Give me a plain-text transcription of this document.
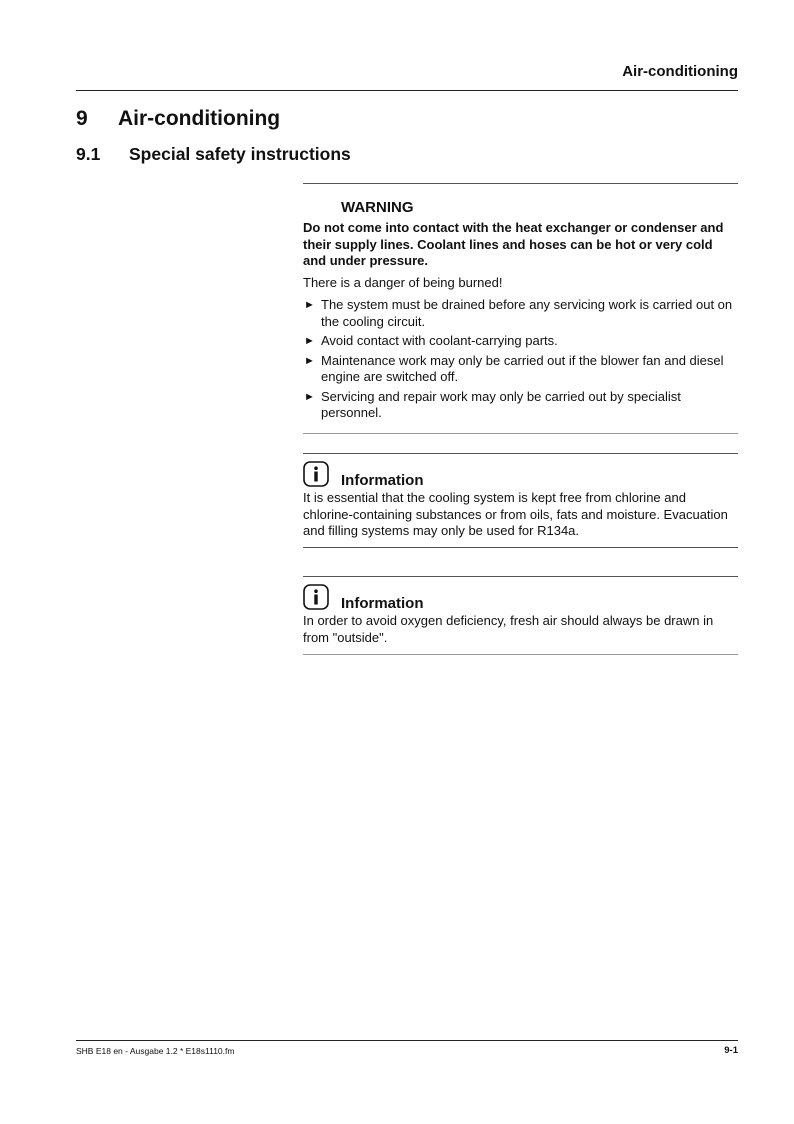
Air-conditioning
9 Air-conditioning
9.1 Special safety instructions
WARNING
Do not come into contact with the heat exchanger or condenser and their supply lines. Coolant lines and hoses can be hot or very cold and under pressure.
There is a danger of being burned!
► The system must be drained before any servicing work is carried out on the cooling circuit.
► Avoid contact with coolant-carrying parts.
► Maintenance work may only be carried out if the blower fan and diesel engine are switched off.
► Servicing and repair work may only be carried out by specialist personnel.
Information
It is essential that the cooling system is kept free from chlorine and chlorine-containing substances or from oils, fats and moisture. Evacuation and filling systems may only be used for R134a.
Information
In order to avoid oxygen deficiency, fresh air should always be drawn in from "outside".
SHB E18 en - Ausgabe 1.2 * E18s1110.fm	9-1
